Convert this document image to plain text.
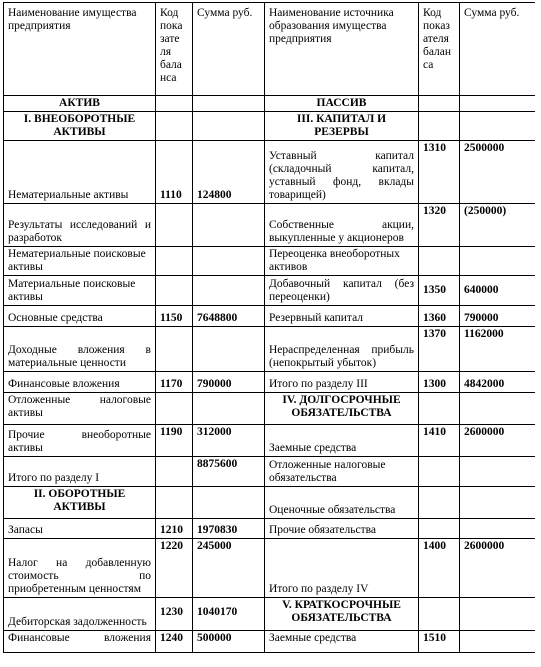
Наименование имущества предприятия	Код пока зате ля бала нса	Сумма руб.	Наименование источника образования имущества предприятия	Код показ ателя балан са	Сумма руб.
АКТИВ			ПАССИВ		
I. ВНЕОБОРОТНЫЕ АКТИВЫ			III. КАПИТАЛ И РЕЗЕРВЫ		
Нематериальные активы	1110	124800	Уставный капитал (складочный капитал, уставный фонд, вклады товарищей)	1310	2500000
Результаты исследований и разработок			Собственные акции, выкупленные у акционеров	1320	(250000)
Нематериальные поисковые активы			Переоценка внеоборотных активов		
Материальные поисковые активы			Добавочный капитал (без переоценки)	1350	640000
Основные средства	1150	7648800	Резервный капитал	1360	790000
Доходные вложения в материальные ценности			Нераспределенная прибыль (непокрытый убыток)	1370	1162000
Финансовые вложения	1170	790000	Итого по разделу III	1300	4842000
Отложенные налоговые активы			IV. ДОЛГОСРОЧНЫЕ ОБЯЗАТЕЛЬСТВА		
Прочие внеоборотные активы	1190	312000	Заемные средства	1410	2600000
Итого по разделу I		8875600	Отложенные налоговые обязательства		
II. ОБОРОТНЫЕ АКТИВЫ			Оценочные обязательства		
Запасы	1210	1970830	Прочие обязательства		
Налог на добавленную стоимость по приобретенным ценностям	1220	245000	Итого по разделу IV	1400	2600000
Дебиторская задолженность	1230	1040170	V. КРАТКОСРОЧНЫЕ ОБЯЗАТЕЛЬСТВА		
Финансовые вложения	1240	500000	Заемные средства	1510	
